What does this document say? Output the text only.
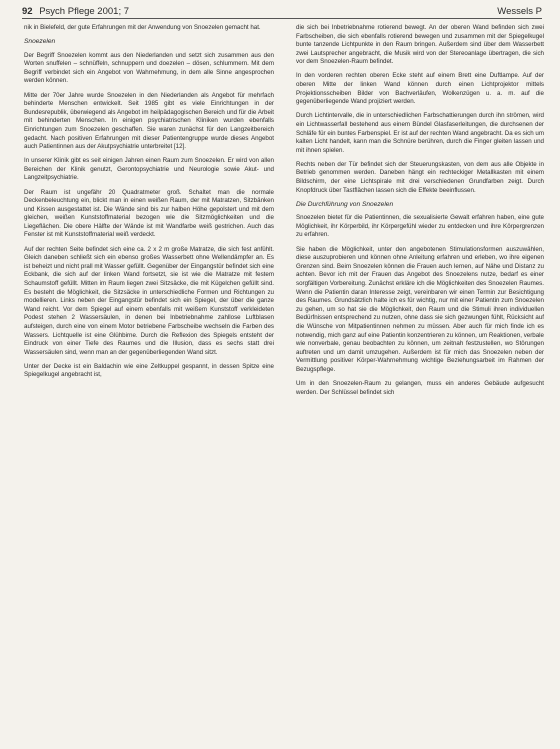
92 Psych Pflege 2001; 7	Wessels P

nik in Bielefeld, der gute Erfahrungen mit der Anwendung von Snoezelen gemacht hat.

Snoezelen

Der Begriff Snoezelen kommt aus den Niederlanden und setzt sich zusammen aus den Worten snuffelen – schnüffeln, schnuppern und doezelen – dösen, schlummern. Mit dem Begriff verbindet sich ein Angebot von Wahrnehmung, in dem alle Sinne angesprochen werden können.

Mitte der 70er Jahre wurde Snoezelen in den Niederlanden als Angebot für mehrfach behinderte Menschen entwickelt. Seit 1985 gibt es viele Einrichtungen in der Bundesrepublik, überwiegend als Angebot im heilpädagogischen Bereich und für die Arbeit mit behinderten Menschen. In einigen psychiatrischen Kliniken wurden ebenfalls Einrichtungen zum Snoezelen geschaffen. Sie waren zunächst für den Langzeitbereich gedacht. Nach positiven Erfahrungen mit dieser Patientengruppe wurde dieses Angebot auch Patientinnen aus der Akutpsychiatrie unterbreitet [12].

In unserer Klinik gibt es seit einigen Jahren einen Raum zum Snoezelen. Er wird von allen Bereichen der Klinik genutzt, Gerontopsychiatrie und Neurologie sowie Akut- und Langzeitpsychiatrie.

Der Raum ist ungefähr 20 Quadratmeter groß. Schaltet man die normale Deckenbeleuchtung ein, blickt man in einen weißen Raum, der mit Matratzen, Sitzbänken und Kissen ausgestattet ist. Die Wände sind bis zur halben Höhe gepolstert und mit dem gleichen, weißen Kunststoffmaterial bezogen wie die Sitzmöglichkeiten und die Liegeflächen. Die obere Hälfte der Wände ist mit Wandfarbe weiß gestrichen. Auch das Fenster ist mit Kunststoffmaterial weiß verdeckt.

Auf der rechten Seite befindet sich eine ca. 2 x 2 m große Matratze, die sich fest anfühlt. Gleich daneben schließt sich ein ebenso großes Wasserbett ohne Wellendämpfer an. Es ist beheizt und nicht prall mit Wasser gefüllt. Gegenüber der Eingangstür befindet sich eine Eckbank, die sich auf der linken Wand fortsetzt, sie ist wie die Matratze mit festem Schaumstoff gefüllt. Mitten im Raum liegen zwei Sitzsäcke, die mit Kügelchen gefüllt sind. Es besteht die Möglichkeit, die Sitzsäcke in unterschiedliche Formen und Richtungen zu modellieren. Links neben der Eingangstür befindet sich ein Spiegel, der über die ganze Wand reicht. Vor dem Spiegel auf einem ebenfalls mit weißem Kunststoff verkleideten Podest stehen 2 Wassersäulen, in denen bei Inbetriebnahme zahllose Luftblasen aufsteigen, durch eine von einem Motor betriebene Farbscheibe wechseln die Farben des Wassers. Lichtquelle ist eine Glühbirne. Durch die Reflexion des Spiegels entsteht der Eindruck von einer Tiefe des Raumes und die Illusion, dass es sechs statt drei Wassersäulen sind, wenn man an der gegenüberliegenden Wand sitzt.

Unter der Decke ist ein Baldachin wie eine Zeltkuppel gespannt, in dessen Spitze eine Spiegelkugel angebracht ist,

die sich bei Inbetriebnahme rotierend bewegt. An der oberen Wand befinden sich zwei Farbscheiben, die sich ebenfalls rotierend bewegen und zusammen mit der Spiegelkugel bunte tanzende Lichtpunkte in den Raum bringen. Außerdem sind über dem Wasserbett zwei Lautsprecher angebracht, die Musik wird von der Stereoanlage übertragen, die sich vor dem Snoezelen-Raum befindet.

In den vorderen rechten oberen Ecke steht auf einem Brett eine Duftlampe. Auf der oberen Mitte der linken Wand können durch einen Lichtprojektor mittels Projektionsscheiben Bilder von Bachverläufen, Wolkenzügen u. a. m. auf die gegenüberliegende Wand projiziert werden.

Durch Lichtintervalle, die in unterschiedlichen Farbschattierungen durch ihn strömen, wird ein Lichtwasserfall bestehend aus einem Bündel Glasfaserleitungen, die durchsenen der Schläfe für ein buntes Farbenspiel. Er ist auf der rechten Wand angebracht. Da es sich um kalten Licht handelt, kann man die Schnüre berühren, durch die Finger gleiten lassen und mit ihnen spielen.

Rechts neben der Tür befindet sich der Steuerungskasten, von dem aus alle Objekte in Betrieb genommen werden. Daneben hängt ein rechteckiger Metallkasten mit einem Bildschirm, der eine Lichtspirale mit drei verschiedenen Grundfarben zeigt. Durch Knopfdruck über Tastflächen lassen sich die Effekte beeinflussen.

Die Durchführung von Snoezelen

Snoezelen bietet für die Patientinnen, die sexualisierte Gewalt erfahren haben, eine gute Möglichkeit, ihr Körperbild, ihr Körpergefühl wieder zu entdecken und ihre Körpergrenzen zu erfahren.

Sie haben die Möglichkeit, unter den angebotenen Stimulationsformen auszuwählen, diese auszuprobieren und können ohne Anleitung erfahren und erleben, wo ihre eigenen Grenzen sind. Beim Snoezelen können die Frauen auch lernen, auf Nähe und Distanz zu achten. Bevor ich mit der Frauen das Angebot des Snoezelens nutze, bedarf es einer sorgfältigen Vorbereitung. Zunächst erkläre ich die Möglichkeiten des Snoezelen Raumes. Wenn die Patientin daran Interesse zeigt, vereinbaren wir einen Termin zur Besichtigung des Raumes. Grundsätzlich halte ich es für wichtig, nur mit einer Patientin zum Snoezelen zu gehen, um so hat sie die Möglichkeit, den Raum und die Stimuli ihren individuellen Bedürfnissen entsprechend zu nutzen, ohne dass sie sich gezwungen fühlt, Rücksicht auf die Wünsche von Mitpatientinnen nehmen zu müssen. Aber auch für mich finde ich es notwendig, mich ganz auf eine Patientin konzentrieren zu können, um Reaktionen, verbale wie nonverbale, genau beobachten zu können, um zeitnah festzustellen, wo Störungen auftreten und um damit umzugehen. Außerdem ist für mich das Snoezelen neben der Vermittlung positiver Körper-Wahrnehmung wichtige Beziehungsarbeit im Rahmen der Bezugspflege.

Um in den Snoezelen-Raum zu gelangen, muss ein anderes Gebäude aufgesucht werden. Der Schlüssel befindet sich
